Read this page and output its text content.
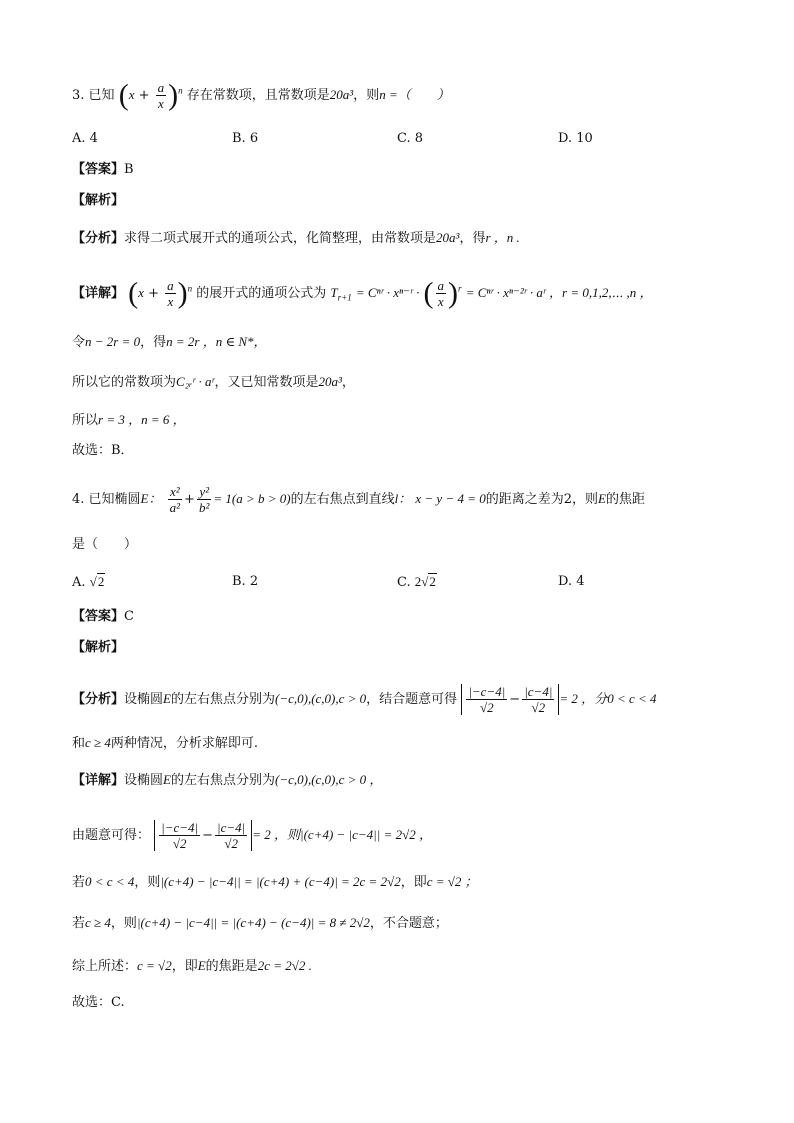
3. 已知 $(x + \frac{a}{x} )^n$ 存在常数项，且常数项是20a³，则n =（　　）
A. 4	B. 6	C. 8	D. 10
【答案】B
【解析】
【分析】求得二项式展开式的通项公式，化简整理，由常数项是20a³，得r ，n .
【详解】 $(x + \frac{a}{x} )^n$ 的展开式的通项公式为 $T_{r+1}$ = Cⁿʳ · xⁿ⁻ʳ · ( $\frac{a}{x} )^r$ = Cⁿʳ · xⁿ⁻²ʳ · aʳ ，r = 0,1,2,⋯ ,n ，
令n − 2r = 0，得n = 2r ，n ∈ N*，
所以它的常数项为C₂ᵣʳ · aʳ，又已知常数项是20a³，
所以r = 3 ，n = 6 ，
故选：B．
4. 已知椭圆E： $\frac{\text{x²}}{\text{a²}} + \frac{\text{y²}}{\text{b²}} = 1(a > b > 0)$的左右焦点到直线l： x − y − 4 = 0的距离之差为2，则E的焦距
是（　　）
A. √2	B. 2	C. 2√2	D. 4
【答案】C
【解析】
【分析】设椭圆E的左右焦点分别为(−c,0),(c,0),c > 0，结合题意可得 $\frac{|-c-4|}{√2} - \frac{|c-4|}{√2} = 2$ ，分0 < c < 4
和c ≥ 4两种情况，分析求解即可.
【详解】设椭圆E的左右焦点分别为(−c,0),(c,0),c > 0 ，
由题意可得： $\frac{|-c-4|}{√2} - \frac{|c-4|}{√2} = 2$ ，则|(c+4) − |c−4|| = 2√2 ，
若0 < c < 4，则|(c+4) − |c−4|| = |(c+4) + (c−4)| = 2c = 2√2，即c = √2 ；
若c ≥ 4，则|(c+4) − |c−4|| = |(c+4) − (c−4)| = 8 ≠ 2√2，不合题意；
综上所述：c = √2，即E的焦距是2c = 2√2 .
故选：C.
